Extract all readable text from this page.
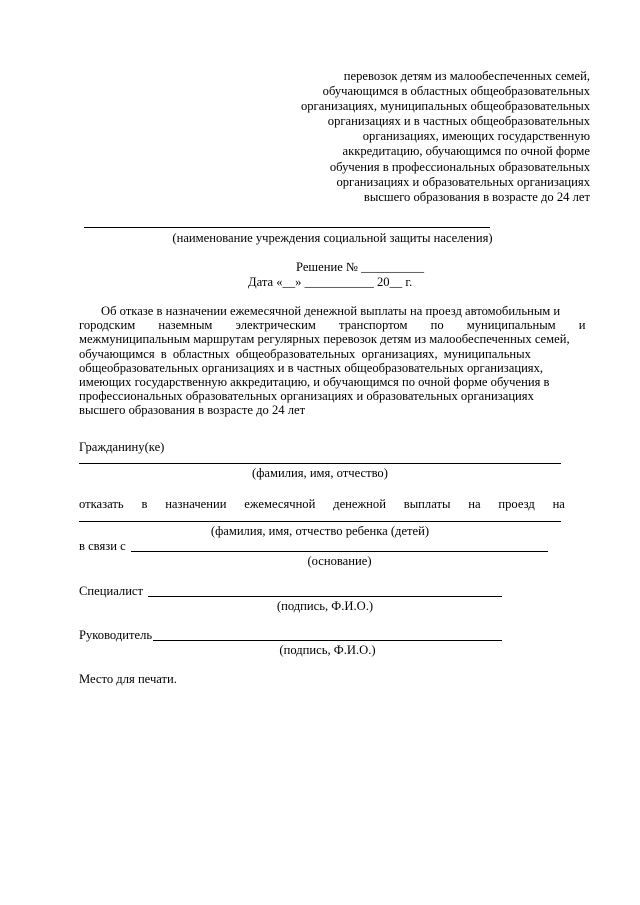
перевозок детям из малообеспеченных семей,
обучающимся в областных общеобразовательных
организациях, муниципальных общеобразовательных
организациях и в частных общеобразовательных
организациях, имеющих государственную
аккредитацию, обучающимся по очной форме
обучения в профессиональных образовательных
организациях и образовательных организациях
высшего образования в возрасте до 24 лет
(наименование учреждения социальной защиты населения)
Решение № __________
Дата «__» ___________ 20__ г.
Об отказе в назначении ежемесячной денежной выплаты на проезд автомобильным и
городским наземным электрическим транспортом по муниципальным и
межмуниципальным маршрутам регулярных перевозок детям из малообеспеченных семей,
обучающимся в областных общеобразовательных организациях, муниципальных
общеобразовательных организациях и в частных общеобразовательных организациях,
имеющих государственную аккредитацию, и обучающимся по очной форме обучения в
профессиональных образовательных организациях и образовательных организациях
высшего образования в возрасте до 24 лет
Гражданину(ке)
(фамилия, имя, отчество)
отказать в назначении ежемесячной денежной выплаты на проезд на
(фамилия, имя, отчество ребенка (детей)
в связи с
(основание)
Специалист
(подпись, Ф.И.О.)
Руководитель
(подпись, Ф.И.О.)
Место для печати.
